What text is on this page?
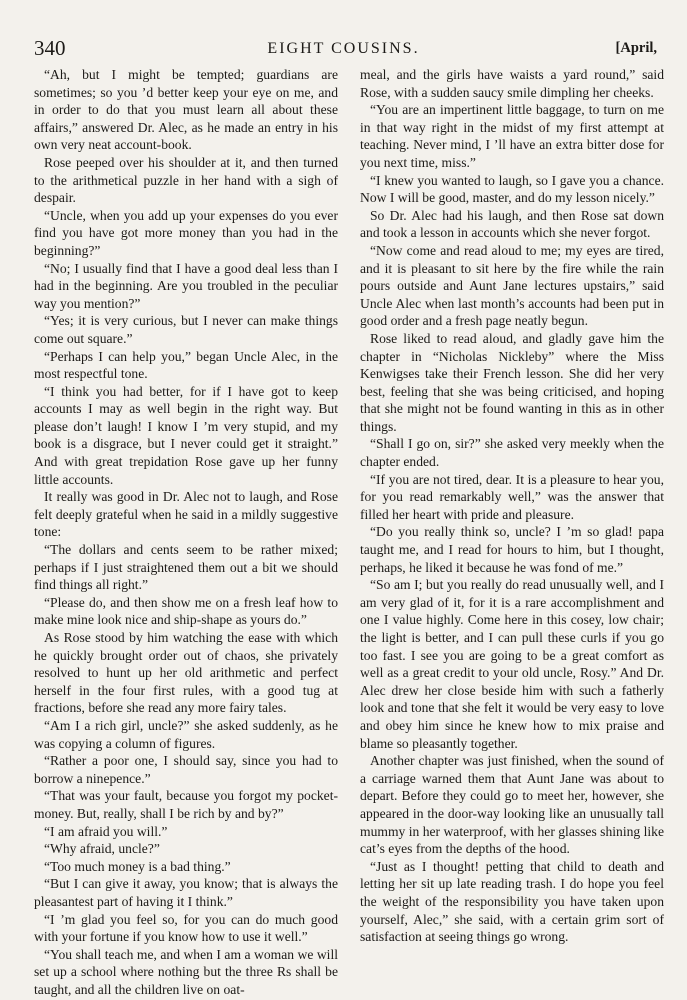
340	EIGHT COUSINS.	[April,

“Ah, but I might be tempted; guardians are sometimes; so you ’d better keep your eye on me, and in order to do that you must learn all about these affairs,” answered Dr. Alec, as he made an entry in his own very neat account-book.

Rose peeped over his shoulder at it, and then turned to the arithmetical puzzle in her hand with a sigh of despair.

“Uncle, when you add up your expenses do you ever find you have got more money than you had in the beginning?”

“No; I usually find that I have a good deal less than I had in the beginning. Are you troubled in the peculiar way you mention?”

“Yes; it is very curious, but I never can make things come out square.”

“Perhaps I can help you,” began Uncle Alec, in the most respectful tone.

“I think you had better, for if I have got to keep accounts I may as well begin in the right way. But please don’t laugh! I know I ’m very stupid, and my book is a disgrace, but I never could get it straight.” And with great trepidation Rose gave up her funny little accounts.

It really was good in Dr. Alec not to laugh, and Rose felt deeply grateful when he said in a mildly suggestive tone:

“The dollars and cents seem to be rather mixed; perhaps if I just straightened them out a bit we should find things all right.”

“Please do, and then show me on a fresh leaf how to make mine look nice and ship-shape as yours do.”

As Rose stood by him watching the ease with which he quickly brought order out of chaos, she privately resolved to hunt up her old arithmetic and perfect herself in the four first rules, with a good tug at fractions, before she read any more fairy tales.

“Am I a rich girl, uncle?” she asked suddenly, as he was copying a column of figures.

“Rather a poor one, I should say, since you had to borrow a ninepence.”

“That was your fault, because you forgot my pocket-money. But, really, shall I be rich by and by?”

“I am afraid you will.”

“Why afraid, uncle?”

“Too much money is a bad thing.”

“But I can give it away, you know; that is always the pleasantest part of having it I think.”

“I ’m glad you feel so, for you can do much good with your fortune if you know how to use it well.”

“You shall teach me, and when I am a woman we will set up a school where nothing but the three Rs shall be taught, and all the children live on oat-

meal, and the girls have waists a yard round,” said Rose, with a sudden saucy smile dimpling her cheeks.

“You are an impertinent little baggage, to turn on me in that way right in the midst of my first attempt at teaching. Never mind, I ’ll have an extra bitter dose for you next time, miss.”

“I knew you wanted to laugh, so I gave you a chance. Now I will be good, master, and do my lesson nicely.”

So Dr. Alec had his laugh, and then Rose sat down and took a lesson in accounts which she never forgot.

“Now come and read aloud to me; my eyes are tired, and it is pleasant to sit here by the fire while the rain pours outside and Aunt Jane lectures upstairs,” said Uncle Alec when last month’s accounts had been put in good order and a fresh page neatly begun.

Rose liked to read aloud, and gladly gave him the chapter in “Nicholas Nickleby” where the Miss Kenwigses take their French lesson. She did her very best, feeling that she was being criticised, and hoping that she might not be found wanting in this as in other things.

“Shall I go on, sir?” she asked very meekly when the chapter ended.

“If you are not tired, dear. It is a pleasure to hear you, for you read remarkably well,” was the answer that filled her heart with pride and pleasure.

“Do you really think so, uncle? I ’m so glad! papa taught me, and I read for hours to him, but I thought, perhaps, he liked it because he was fond of me.”

“So am I; but you really do read unusually well, and I am very glad of it, for it is a rare accomplishment and one I value highly. Come here in this cosey, low chair; the light is better, and I can pull these curls if you go too fast. I see you are going to be a great comfort as well as a great credit to your old uncle, Rosy.” And Dr. Alec drew her close beside him with such a fatherly look and tone that she felt it would be very easy to love and obey him since he knew how to mix praise and blame so pleasantly together.

Another chapter was just finished, when the sound of a carriage warned them that Aunt Jane was about to depart. Before they could go to meet her, however, she appeared in the door-way looking like an unusually tall mummy in her waterproof, with her glasses shining like cat’s eyes from the depths of the hood.

“Just as I thought! petting that child to death and letting her sit up late reading trash. I do hope you feel the weight of the responsibility you have taken upon yourself, Alec,” she said, with a certain grim sort of satisfaction at seeing things go wrong.
